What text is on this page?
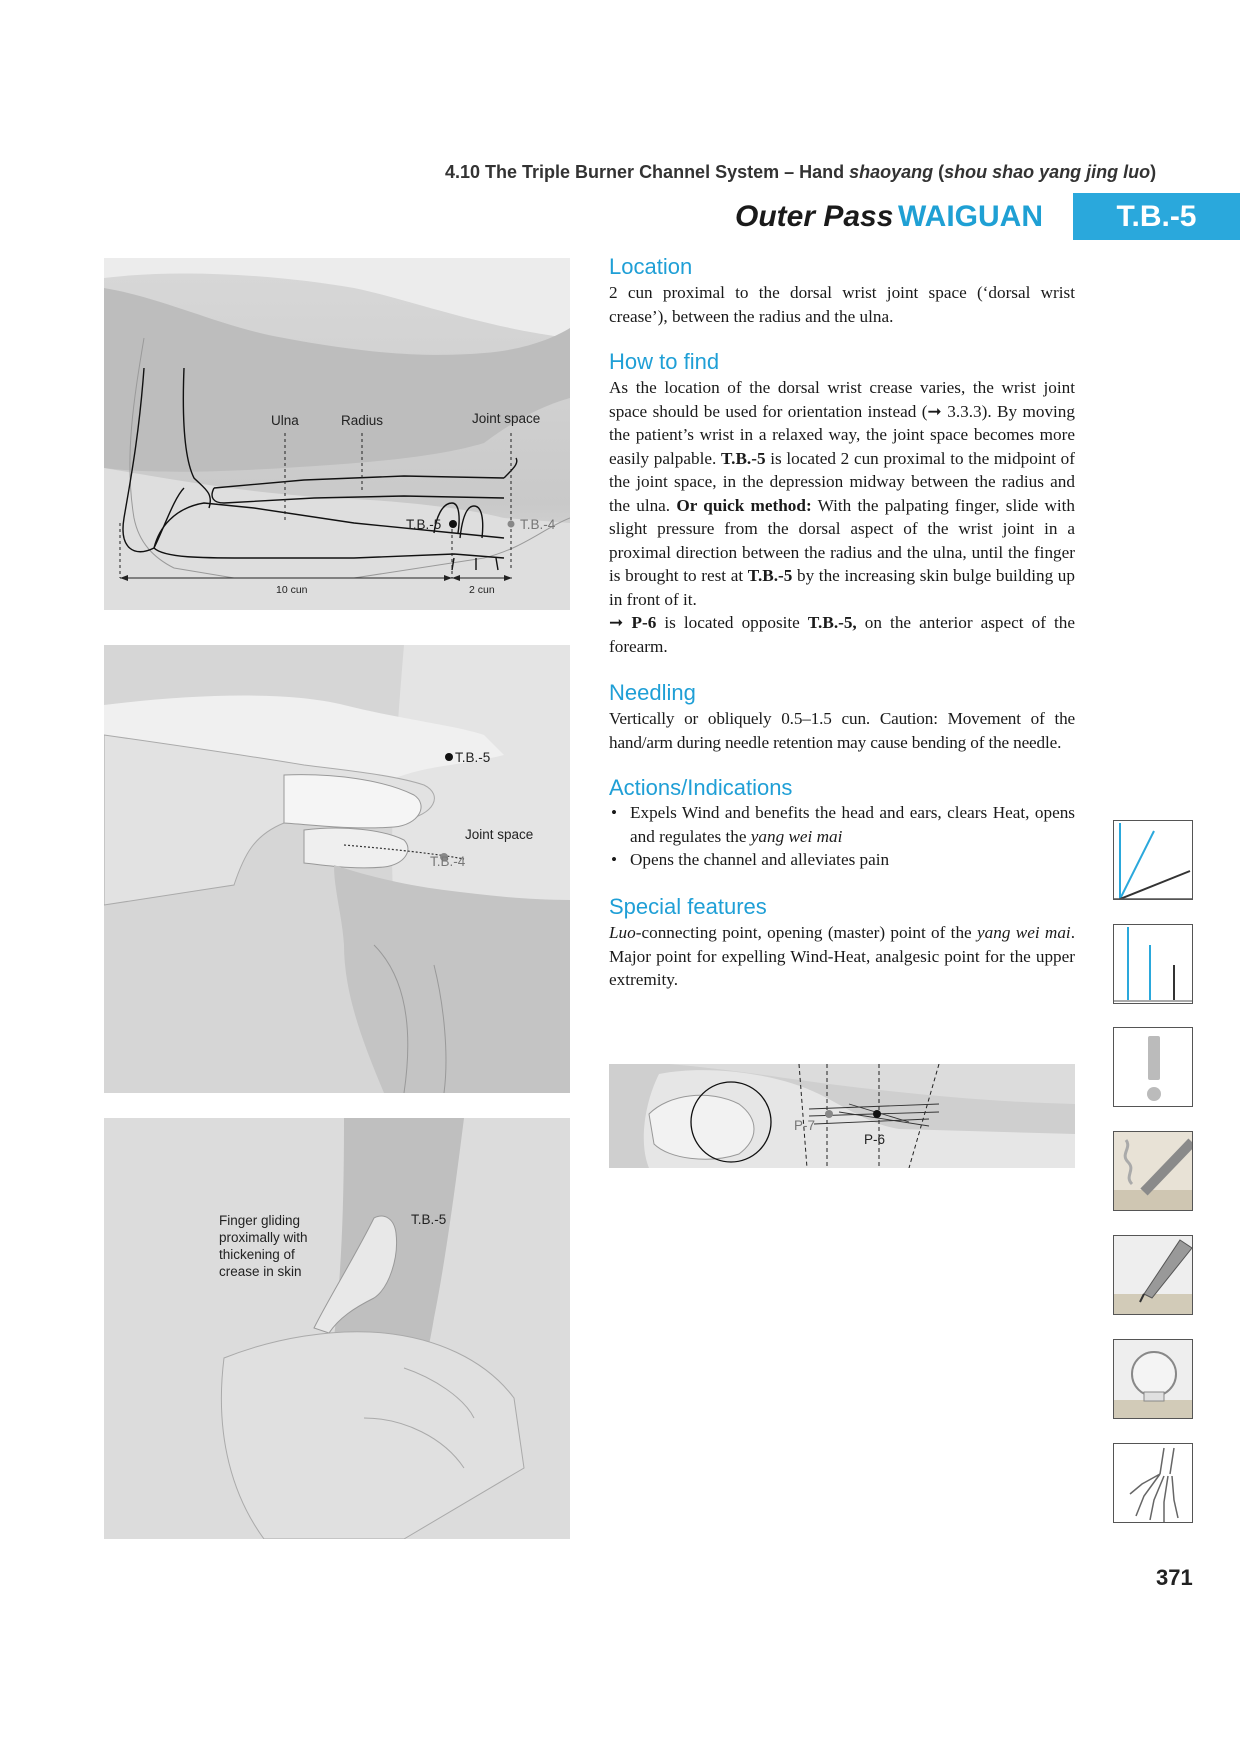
4.10 The Triple Burner Channel System – Hand shaoyang (shou shao yang jing luo)
Outer Pass WAIGUAN T.B.-5
Ulna	Radius	Joint space
T.B.-5	T.B.-4
10 cun	2 cun
T.B.-5
Joint space
T.B.-4
Finger gliding
proximally with
thickening of
crease in skin
T.B.-5
Location
2 cun proximal to the dorsal wrist joint space (‘dorsal wrist crease’), between the radius and the ulna.
How to find
As the location of the dorsal wrist crease varies, the wrist joint space should be used for orientation instead (➞ 3.3.3). By moving the patient’s wrist in a relaxed way, the joint space becomes more easily palpable. T.B.-5 is located 2 cun proximal to the midpoint of the joint space, in the depression midway between the radius and the ulna. Or quick method: With the palpating finger, slide with slight pressure from the dorsal aspect of the wrist joint in a proximal direction between the radius and the ulna, until the finger is brought to rest at T.B.-5 by the increasing skin bulge building up in front of it.
➞ P-6 is located opposite T.B.-5, on the anterior aspect of the forearm.
Needling
Vertically or obliquely 0.5–1.5 cun. Caution: Movement of the hand/arm during needle retention may cause bending of the needle.
Actions/Indications
• Expels Wind and benefits the head and ears, clears Heat, opens and regulates the yang wei mai
• Opens the channel and alleviates pain
Special features
Luo-connecting point, opening (master) point of the yang wei mai. Major point for expelling Wind-Heat, analgesic point for the upper extremity.
P-7
P-6
371
